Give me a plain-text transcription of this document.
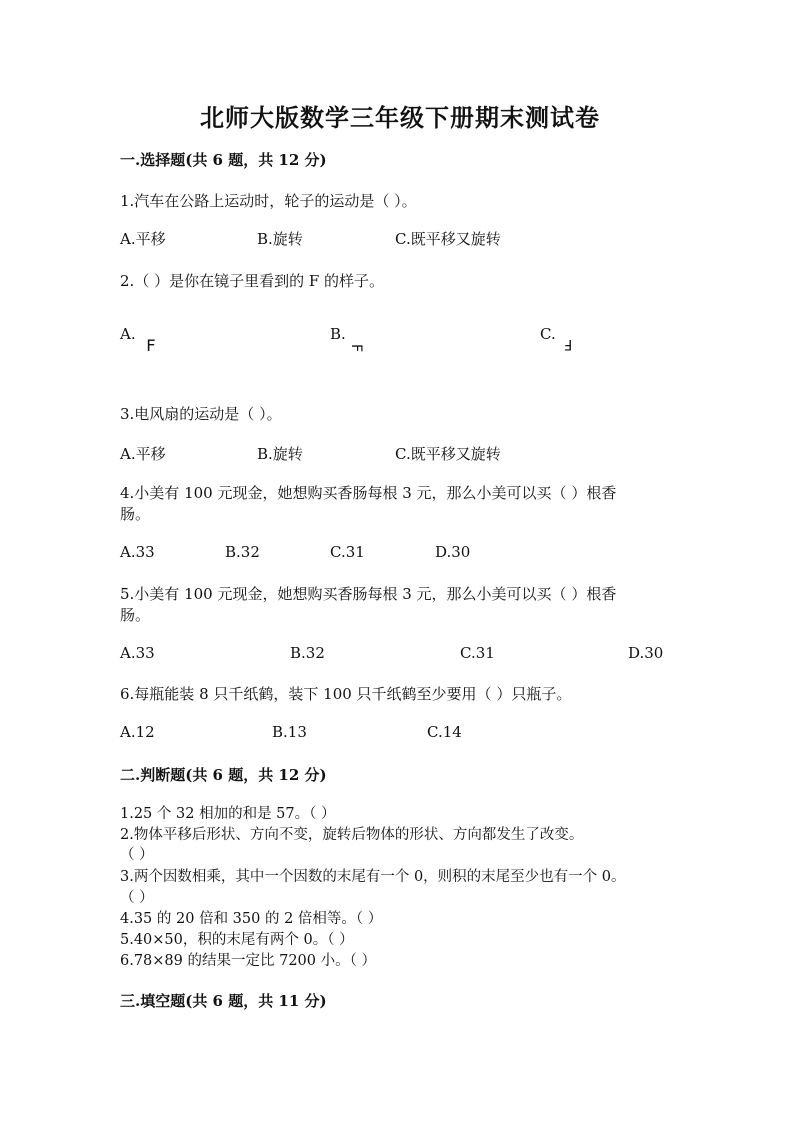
北师大版数学三年级下册期末测试卷
一.选择题(共 6 题，共 12 分)
1.汽车在公路上运动时，轮子的运动是（ ）。
A.平移	B.旋转	C.既平移又旋转
2.（ ）是你在镜子里看到的 F 的样子。
A.
F
B.
F
C.
F
3.电风扇的运动是（ ）。
A.平移	B.旋转	C.既平移又旋转
4.小美有 100 元现金，她想购买香肠每根 3 元，那么小美可以买（ ）根香
肠。
A.33	B.32	C.31	D.30
5.小美有 100 元现金，她想购买香肠每根 3 元，那么小美可以买（ ）根香
肠。
A.33	B.32	C.31	D.30
6.每瓶能装 8 只千纸鹤，装下 100 只千纸鹤至少要用（ ）只瓶子。
A.12	B.13	C.14
二.判断题(共 6 题，共 12 分)
1.25 个 32 相加的和是 57。（ ）
2.物体平移后形状、方向不变，旋转后物体的形状、方向都发生了改变。
（ ）
3.两个因数相乘，其中一个因数的末尾有一个 0，则积的末尾至少也有一个 0。
（ ）
4.35 的 20 倍和 350 的 2 倍相等。（ ）
5.40×50，积的末尾有两个 0。（ ）
6.78×89 的结果一定比 7200 小。（ ）
三.填空题(共 6 题，共 11 分)
